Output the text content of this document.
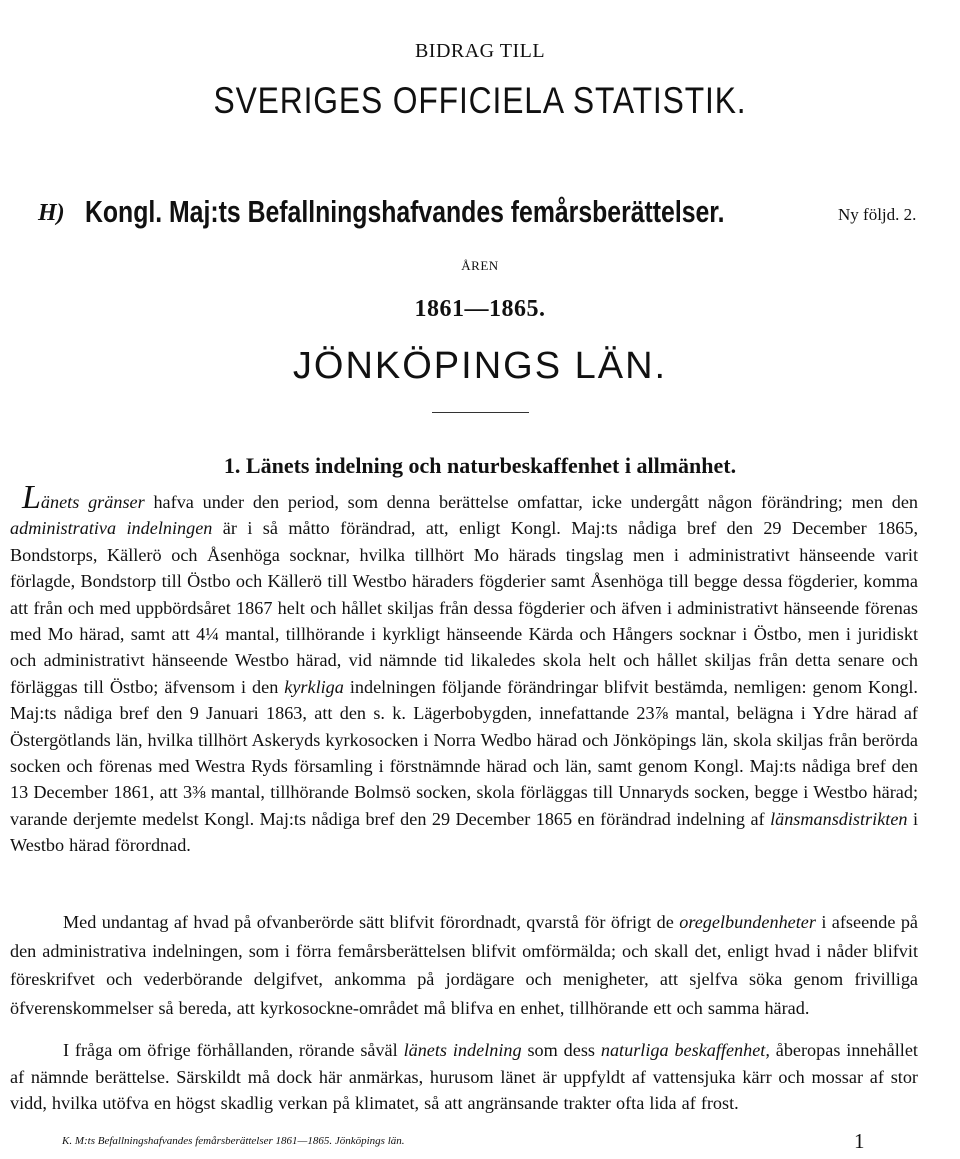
BIDRAG TILL
SVERIGES OFFICIELA STATISTIK.
H) Kongl. Maj:ts Befallningshafvandes femårsberättelser.	Ny följd. 2.
ÅREN
1861—1865.
JÖNKÖPINGS LÄN.
1. Länets indelning och naturbeskaffenhet i allmänhet.

Länets gränser hafva under den period, som denna berättelse omfattar, icke undergått någon förändring; men den administrativa indelningen är i så måtto förändrad, att, enligt Kongl. Maj:ts nådiga bref den 29 December 1865, Bondstorps, Källerö och Åsenhöga socknar, hvilka tillhört Mo härads tingslag men i administrativt hänseende varit förlagde, Bondstorp till Östbo och Källerö till Westbo häraders fögderier samt Åsenhöga till begge dessa fögderier, komma att från och med uppbördsåret 1867 helt och hållet skiljas från dessa fögderier och äfven i administrativt hänseende förenas med Mo härad, samt att 4¼ mantal, tillhörande i kyrkligt hänseende Kärda och Hångers socknar i Östbo, men i juridiskt och administrativt hänseende Westbo härad, vid nämnde tid likaledes skola helt och hållet skiljas från detta senare och förläggas till Östbo; äfvensom i den kyrkliga indelningen följande förändringar blifvit bestämda, nemligen: genom Kongl. Maj:ts nådiga bref den 9 Januari 1863, att den s. k. Lägerbobygden, innefattande 23⅞ mantal, belägna i Ydre härad af Östergötlands län, hvilka tillhört Askeryds kyrkosocken i Norra Wedbo härad och Jönköpings län, skola skiljas från berörda socken och förenas med Westra Ryds församling i förstnämnde härad och län, samt genom Kongl. Maj:ts nådiga bref den 13 December 1861, att 3⅜ mantal, tillhörande Bolmsö socken, skola förläggas till Unnaryds socken, begge i Westbo härad; varande derjemte medelst Kongl. Maj:ts nådiga bref den 29 December 1865 en förändrad indelning af länsmansdistrikten i Westbo härad förordnad.

Med undantag af hvad på ofvanberörde sätt blifvit förordnadt, qvarstå för öfrigt de oregelbundenheter i afseende på den administrativa indelningen, som i förra femårsberättelsen blifvit omförmälda; och skall det, enligt hvad i nåder blifvit föreskrifvet och vederbörande delgifvet, ankomma på jordägare och menigheter, att sjelfva söka genom frivilliga öfverenskommelser så bereda, att kyrkosockne-området må blifva en enhet, tillhörande ett och samma härad.

I fråga om öfrige förhållanden, rörande såväl länets indelning som dess naturliga beskaffenhet, åberopas innehållet af nämnde berättelse. Särskildt må dock här anmärkas, hurusom länet är uppfyldt af vattensjukа kärr och mossar af stor vidd, hvilka utöfva en högst skadlig verkan på klimatet, så att angränsande trakter ofta lida af frost.

K. M:ts Befallningshafvandes femårsberättelser 1861—1865. Jönköpings län.	1
